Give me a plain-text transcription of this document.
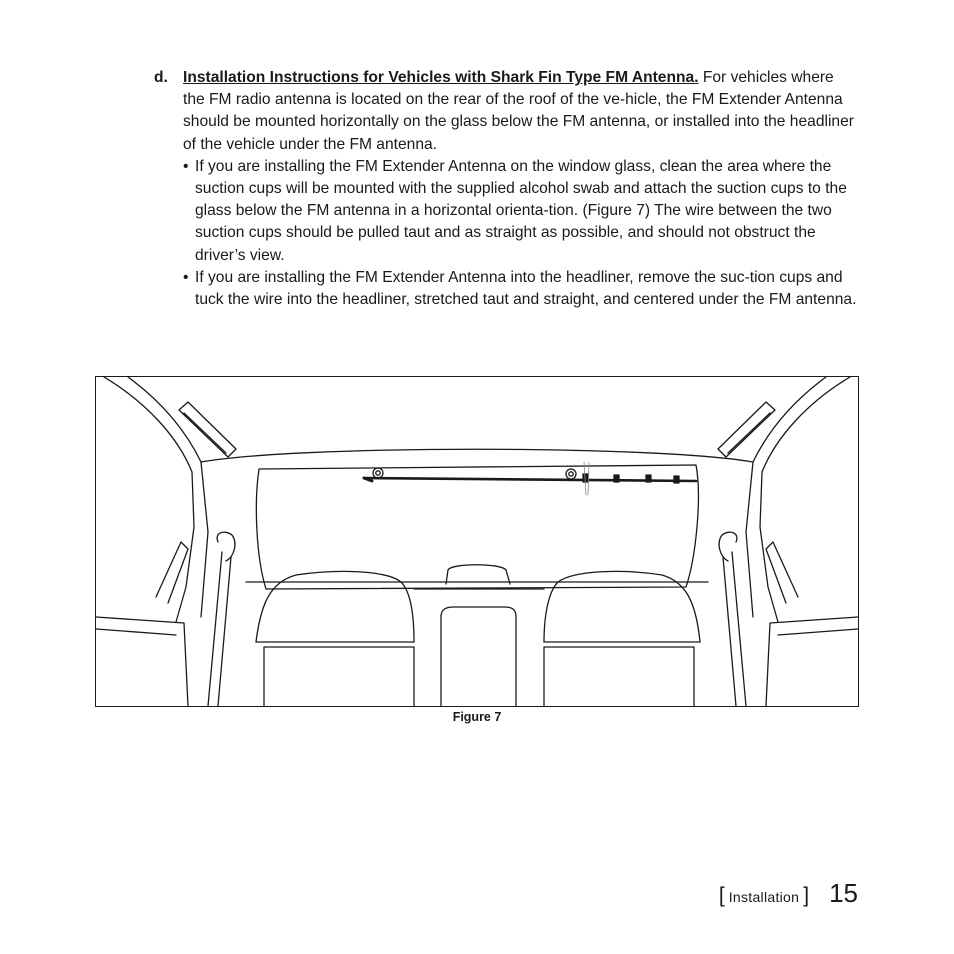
d. Installation Instructions for Vehicles with Shark Fin Type FM Antenna. For vehicles where the FM radio antenna is located on the rear of the roof of the ve-hicle, the FM Extender Antenna should be mounted horizontally on the glass below the FM antenna, or installed into the headliner of the vehicle under the FM antenna.
• If you are installing the FM Extender Antenna on the window glass, clean the area where the suction cups will be mounted with the supplied alcohol swab and attach the suction cups to the glass below the FM antenna in a horizontal orienta-tion. (Figure 7) The wire between the two suction cups should be pulled taut and as straight as possible, and should not obstruct the driver’s view.
• If you are installing the FM Extender Antenna into the headliner, remove the suc-tion cups and tuck the wire into the headliner, stretched taut and straight, and centered under the FM antenna.
Figure 7
[ Installation ] 15
